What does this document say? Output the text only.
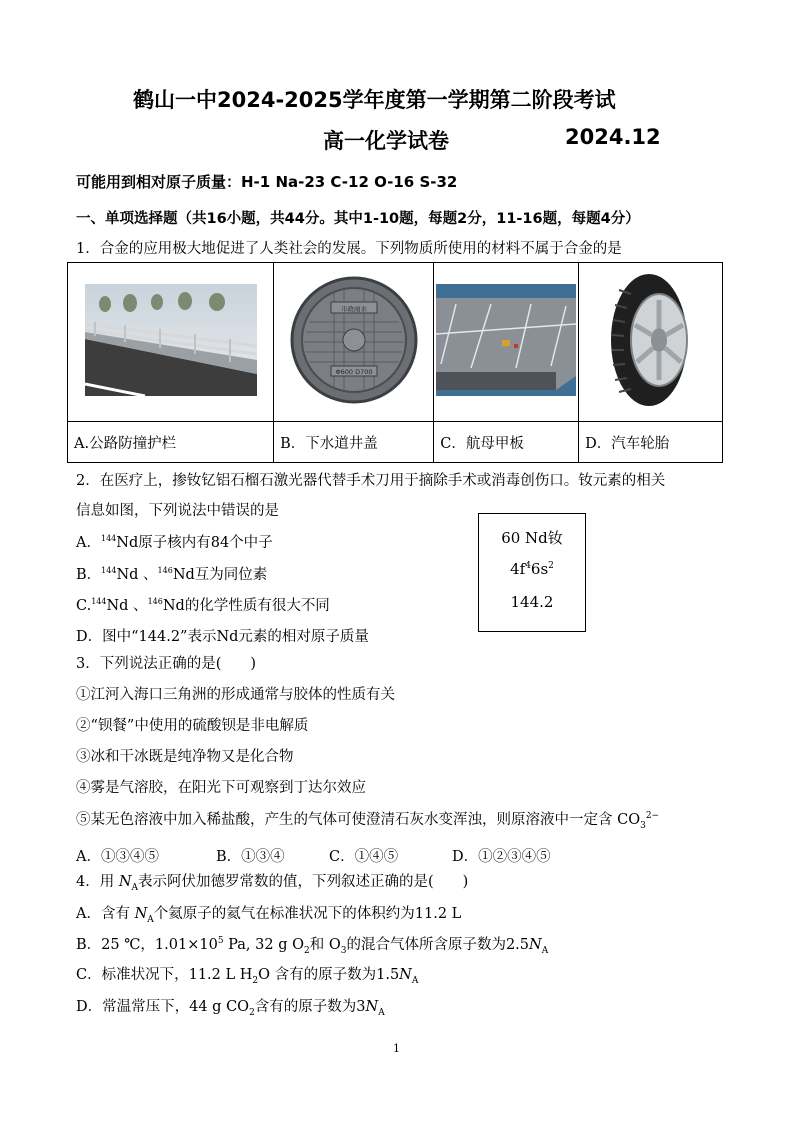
鹤山一中2024-2025学年度第一学期第二阶段考试
高一化学试卷	2024.12
可能用到相对原子质量：H-1 Na-23 C-12 O-16 S-32
一、单项选择题（共16小题，共44分。其中1-10题，每题2分，11-16题，每题4分）
1．合金的应用极大地促进了人类社会的发展。下列物质所使用的材料不属于合金的是

市政雨水
Φ600 D700

A.公路防撞护栏	B．下水道井盖	C．航母甲板	D．汽车轮胎
2．在医疗上，掺钕钇铝石榴石激光器代替手术刀用于摘除手术或消毒创伤口。钕元素的相关
信息如图，下列说法中错误的是
A．$^{144}$Nd原子核内有84个中子
B．$^{144}$Nd 、$^{146}$Nd互为同位素
C.$^{144}$Nd 、$^{146}$Nd的化学性质有很大不同
D．图中“144.2”表示Nd元素的相对原子质量
60 Nd钕
$4f^46s^2$
144.2
3．下列说法正确的是(　　)
①江河入海口三角洲的形成通常与胶体的性质有关
②“钡餐”中使用的硫酸钡是非电解质
③冰和干冰既是纯净物又是化合物
④雾是气溶胶，在阳光下可观察到丁达尔效应
⑤某无色溶液中加入稀盐酸，产生的气体可使澄清石灰水变浑浊，则原溶液中一定含 $CO_3^{2-}$
A．①③④⑤	B．①③④	C．①④⑤	D．①②③④⑤
4．用 $N_A$表示阿伏加德罗常数的值，下列叙述正确的是(　　)
A．含有 $N_A$个氦原子的氦气在标准状况下的体积约为11.2 L
B．25 ℃，$1.01\times 10^5$ Pa, 32 g $O_2$和 $O_3$的混合气体所含原子数为$2.5N_A$
C．标准状况下，11.2 L $H_2O$ 含有的原子数为$1.5N_A$
D．常温常压下，44 g $CO_2$含有的原子数为$3N_A$
1
